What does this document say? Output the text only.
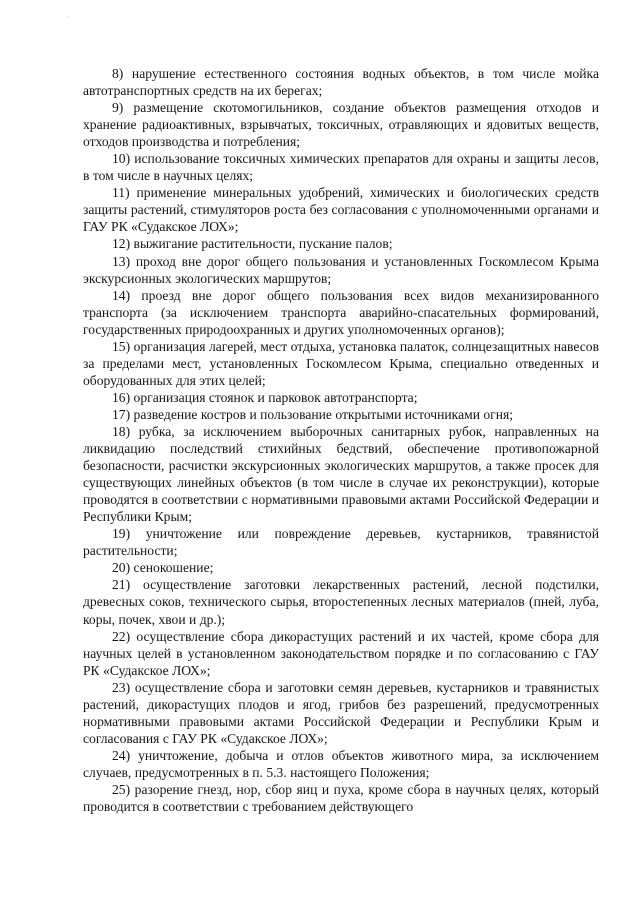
'

8) нарушение естественного состояния водных объектов, в том числе мойка автотранспортных средств на их берегах;

9) размещение скотомогильников, создание объектов размещения отходов и хранение радиоактивных, взрывчатых, токсичных, отравляющих и ядовитых веществ, отходов производства и потребления;

10) использование токсичных химических препаратов для охраны и защиты лесов, в том числе в научных целях;

11) применение минеральных удобрений, химических и биологических средств защиты растений, стимуляторов роста без согласования с уполномоченными органами и ГАУ РК «Судакское ЛОХ»;

12) выжигание растительности, пускание палов;

13) проход вне дорог общего пользования и установленных Госкомлесом Крыма экскурсионных экологических маршрутов;

14) проезд вне дорог общего пользования всех видов механизированного транспорта (за исключением транспорта аварийно-спасательных формирований, государственных природоохранных и других уполномоченных органов);

15) организация лагерей, мест отдыха, установка палаток, солнцезащитных навесов за пределами мест, установленных Госкомлесом Крыма, специально отведенных и оборудованных для этих целей;

16) организация стоянок и парковок автотранспорта;

17) разведение костров и пользование открытыми источниками огня;

18) рубка, за исключением выборочных санитарных рубок, направленных на ликвидацию последствий стихийных бедствий, обеспечение противопожарной безопасности, расчистки экскурсионных экологических маршрутов, а также просек для существующих линейных объектов (в том числе в случае их реконструкции), которые проводятся в соответствии с нормативными правовыми актами Российской Федерации и Республики Крым;

19) уничтожение или повреждение деревьев, кустарников, травянистой растительности;

20) сенокошение;

21) осуществление заготовки лекарственных растений, лесной подстилки, древесных соков, технического сырья, второстепенных лесных материалов (пней, луба, коры, почек, хвои и др.);

22) осуществление сбора дикорастущих растений и их частей, кроме сбора для научных целей в установленном законодательством порядке и по согласованию с ГАУ РК «Судакское ЛОХ»;

23) осуществление сбора и заготовки семян деревьев, кустарников и травянистых растений, дикорастущих плодов и ягод, грибов без разрешений, предусмотренных нормативными правовыми актами Российской Федерации и Республики Крым и согласования с ГАУ РК «Судакское ЛОХ»;

24) уничтожение, добыча и отлов объектов животного мира, за исключением случаев, предусмотренных в п. 5.3. настоящего Положения;

25) разорение гнезд, нор, сбор яиц и пуха, кроме сбора в научных целях, который проводится в соответствии с требованием действующего
